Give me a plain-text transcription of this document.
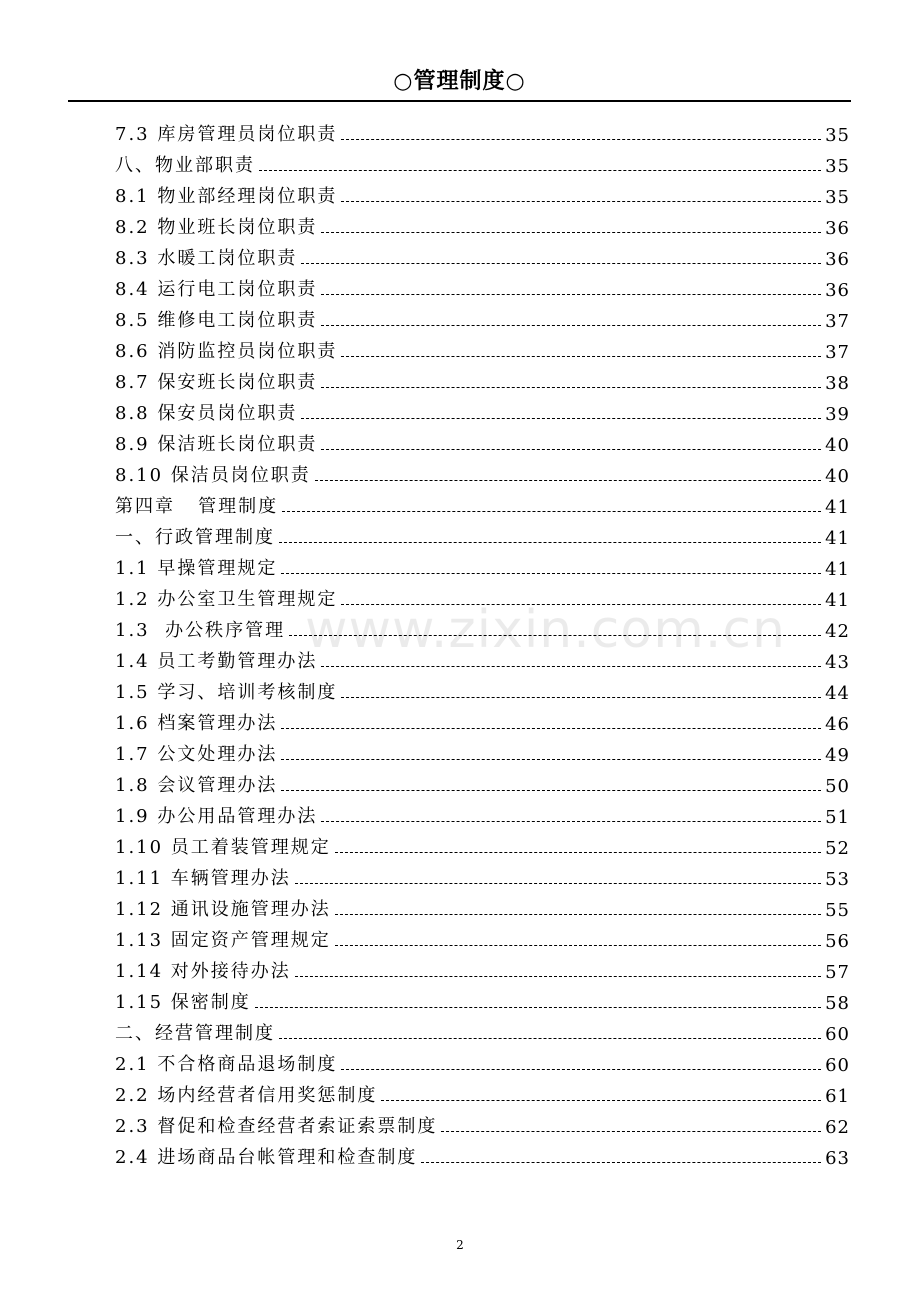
○管理制度○
7.3 库房管理员岗位职责	35
八、物业部职责	35
8.1 物业部经理岗位职责	35
8.2 物业班长岗位职责	36
8.3 水暖工岗位职责	36
8.4 运行电工岗位职责	36
8.5 维修电工岗位职责	37
8.6 消防监控员岗位职责	37
8.7 保安班长岗位职责	38
8.8 保安员岗位职责	39
8.9 保洁班长岗位职责	40
8.10 保洁员岗位职责	40
第四章   管理制度	41
一、行政管理制度	41
1.1 早操管理规定	41
1.2 办公室卫生管理规定	41
1.3  办公秩序管理	42
1.4 员工考勤管理办法	43
1.5 学习、培训考核制度	44
1.6 档案管理办法	46
1.7 公文处理办法	49
1.8 会议管理办法	50
1.9 办公用品管理办法	51
1.10 员工着装管理规定	52
1.11 车辆管理办法	53
1.12 通讯设施管理办法	55
1.13 固定资产管理规定	56
1.14 对外接待办法	57
1.15 保密制度	58
二、经营管理制度	60
2.1 不合格商品退场制度	60
2.2 场内经营者信用奖惩制度	61
2.3 督促和检查经营者索证索票制度	62
2.4 进场商品台帐管理和检查制度	63
www.zixin.com.cn
2
